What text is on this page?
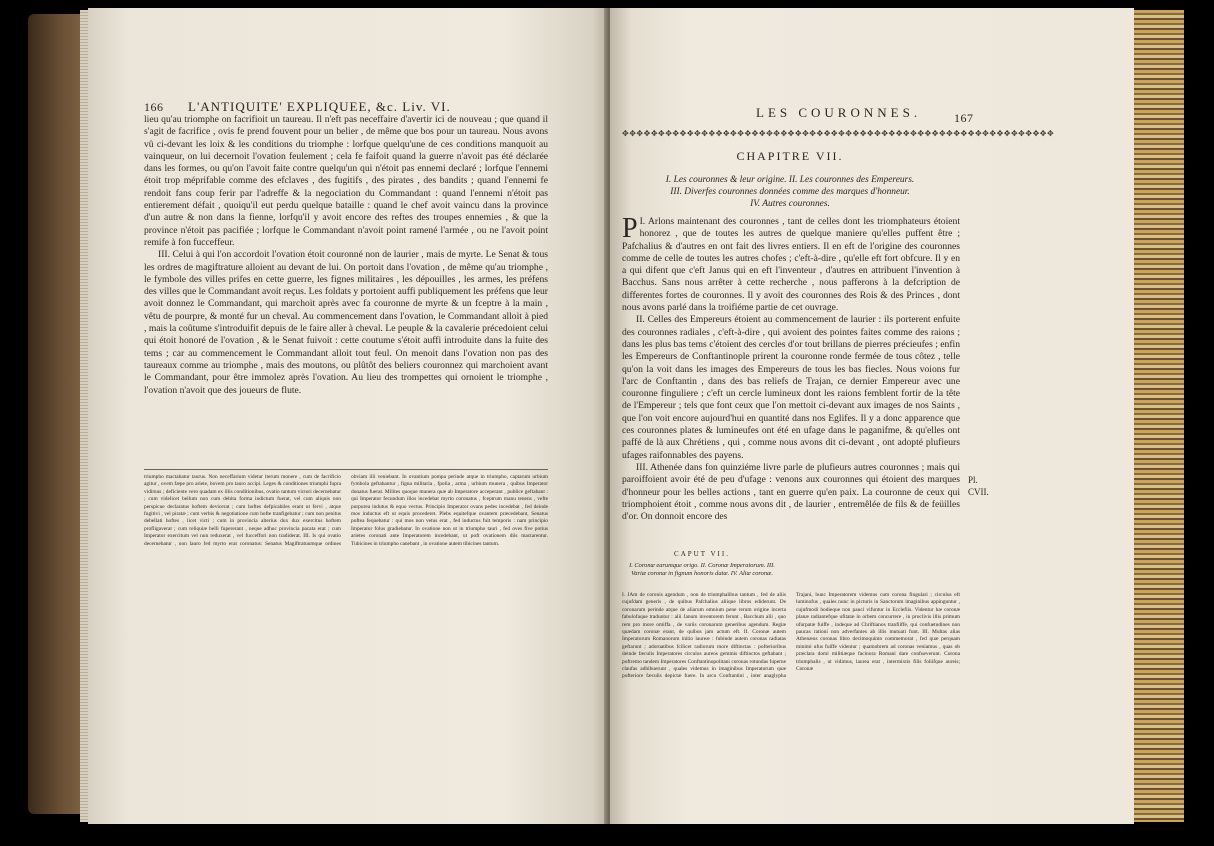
166 L'ANTIQUITE' EXPLIQUEE, &c. Liv. VI.

lieu qu'au triomphe on facrifioit un taureau. Il n'eft pas neceffaire d'avertir ici de nouveau ; que quand il s'agit de facrifice , ovis fe prend fouvent pour un belier , de même que bos pour un taureau. Nous avons vû ci-devant les loix & les conditions du triomphe : lorfque quelqu'une de ces conditions manquoit au vainqueur, on lui decernoit l'ovation feulement ; cela fe faifoit quand la guerre n'avoit pas été déclarée dans les formes, ou qu'on l'avoit faite contre quelqu'un qui n'étoit pas ennemi declaré ; lorfque l'ennemi étoit trop méprifable comme des efclaves , des fugitifs , des pirates , des bandits ; quand l'ennemi fe rendoit fans coup ferir par l'adreffe & la negociation du Commandant : quand l'ennemi n'étoit pas entierement défait , quoiqu'il eut perdu quelque bataille : quand le chef avoit vaincu dans la province d'un autre & non dans la fienne, lorfqu'il y avoit encore des reftes des troupes ennemies , & que la province n'étoit pas pacifiée ; lorfque le Commandant n'avoit point ramené l'armée , ou ne l'avoit point remife à fon fucceffeur.

III. Celui à qui l'on accordoit l'ovation étoit couronné non de laurier , mais de myrte. Le Senat & tous les ordres de magiftrature alloient au devant de lui. On portoit dans l'ovation , de même qu'au triomphe , le fymbole des villes prifes en cette guerre, les fignes militaires , les dépouilles , les armes, les préfens des villes que le Commandant avoit reçus. Les foldats y portoient auffi publiquement les préfens que leur avoit donnez le Commandant, qui marchoit après avec fa couronne de myrte & un fceptre à la main , vêtu de pourpre, & monté fur un cheval. Au commencement dans l'ovation, le Commandant alloit à pied , mais la coûtume s'introduifit depuis de le faire aller à cheval. Le peuple & la cavalerie précedoient celui qui étoit honoré de l'ovation , & le Senat fuivoit : cette coutume s'étoit auffi introduite dans la fuite des tems ; car au commencement le Commandant alloit tout feul. On menoit dans l'ovation non pas des taureaux comme au triomphe , mais des moutons, ou plûtôt des beliers couronnez qui marchoient avant le Commandant, pour être immolez après l'ovation. Au lieu des trompettes qui ornoient le triomphe , l'ovation n'avoit que des joueurs de flute.

triumpho mactabatur taurus. Non neceffarium videtur iterum monere , cum de facrificio agitur , ovem fæpe pro ariete, bovem pro tauro accipi. Leges & conditiones triumphi fupra vidimus ; deficiente vero quadam ex illis conditionibus, ovatio tantum victori decernebatur ; cum videlicet bellum non cum debita forma indictum fuerat, vel cum aliquis non perspicue declaratus hoftem devicerat ; cum hoftes defpicabiles erant ut fervi , atque fugitivi , vel piratæ ; cum verbis & negotiatione cum hofte tranfigebatur ; cum non penitus debellati hoftes , licet victi ; cum in provincia alterius dux dux exercitus hoftem profligaverat ; cum reliquiæ belli fupererant , neque adhuc provincia pacata erat ; cum Imperator exercitum vel non reduxerat , vel fucceffori non tradiderat. III. Is qui ovatio decernebatur , non lauro fed myrto erat coronatus: Senatus Magiftratuumque ordines obviam illi veniebant. In ovantium pompa perinde atque in triumpho, captarum urbium fymbola geftabantur , figna militaria , fpolia , arma , urbium munera , quibus Imperator donatus fuerat. Milites quoque munera quæ ab Imperatore acceperant , publice geftabant : qui Imperator fecundum illos incedebat myrto coronatus , fceptrum manu tenens , vefte purpurea indutus & equo vectus. Principio Imperator ovans pedes incedebat , fed deinde mos inductus eft ut equis procederet. Plebs equitefque ovantem præcedebant, Senatus poftea fequebatur : qui mos non vetus erat , fed inductus fuit temporis : nam principio Imperator folus gradiebatur. In ovatione non ut in triumpho tauri , fed oves five potius arietes coronati ante Imperatorem incedebant, ut poft ovationem diis mactarentur. Tubicines in triumpho canebant , in ovatione autem tibicines tantum.

LES COURONNES.	167
✥✥✥✥✥✥✥✥✥✥✥✥✥✥✥✥✥✥✥✥✥✥✥✥✥✥✥✥✥✥✥✥✥✥✥✥✥✥✥✥✥✥✥✥✥✥✥✥✥✥✥✥✥✥✥✥✥✥✥✥
CHAPITRE VII.
I. Les couronnes & leur origine. II. Les couronnes des Empereurs.
III. Diverfes couronnes données comme des marques d'honneur.
IV. Autres couronnes.
P I. Arlons maintenant des couronnes , tant de celles dont les triomphateurs étoient honorez , que de toutes les autres de quelque maniere qu'elles puffent être ; Pafchalius & d'autres en ont fait des livres entiers. Il en eft de l'origine des couronnes comme de celle de toutes les autres chofes ; c'eft-à-dire , qu'elle eft fort obfcure. Il y en a qui difent que c'eft Janus qui en eft l'inventeur , d'autres en attribuent l'invention à Bacchus. Sans nous arrêter à cette recherche , nous pafferons à la defcription de differentes fortes de couronnes. Il y avoit des couronnes des Rois & des Princes , dont nous avons parlé dans la troifiéme partie de cet ouvrage.

II. Celles des Empereurs étoient au commencement de laurier : ils porterent enfuite des couronnes radiales , c'eft-à-dire , qui avoient des pointes faites comme des raions ; dans les plus bas tems c'étoient des cercles d'or tout brillans de pierres précieufes ; enfin les Empereurs de Conftantinople prirent la couronne ronde fermée de tous côtez , telle qu'on la voit dans les images des Empereurs de tous les bas fiecles. Nous voions fur l'arc de Conftantin , dans des bas reliefs de Trajan, ce dernier Empereur avec une couronne finguliere ; c'eft un cercle lumineux dont les raions femblent fortir de la tête de l'Empereur ; tels que font ceux que l'on mettoit ci-devant aux images de nos Saints , que l'on voit encore aujourd'hui en quantité dans nos Eglifes. Il y a donc apparence que ces couronnes plates & lumineufes ont été en ufage dans le paganifme, & qu'elles ont paffé de là aux Chrétiens , qui , comme nous avons dit ci-devant , ont adopté plufieurs ufages raifonnables des payens.

III. Athenée dans fon quinziéme livre parle de plufieurs autres couronnes ; mais qui paroiffoient avoir été de peu d'ufage : venons aux couronnes qui étoient des marques d'honneur pour les belles actions , tant en guerre qu'en paix. La couronne de ceux qui triomphoient étoit , comme nous avons dit , de laurier , entremêlée de fils & de feüilles d'or. On donnoit encore des

Pl. CVII.
CAPUT VII.
I. Coronæ earumque origo. II. Coronæ Imperatorum. III. Variæ coronæ in fignum honoris datæ. IV. Aliæ coronæ.

I. JAm de coronis agendum , non de triumphalibus tantum , fed de aliis cujufdam generis , de quibus Pafchalius aliique libros ediderunt. De coronarum perinde atque de aliarum omnium pene rerum origine incerta fabulofaque traduntur : alii Janum inventorem ferunt , Bacchum alii , quo rem pro more omiffa , de variis coronarum generibus agendum. Regiæ quædam coronæ erant, de quibus jam actum eft. II. Coronæ autem Imperatorum Romanorum initio laureæ : fubinde autem coronas radiatas geftarunt ; adornatibus fcilicet radiorum more diftinctas : pofterioribus deinde fæculis Imperatores circulos aureos gemmis diftinctos geftabant ; poftremo tandem Imperatores Conftantinopolitani coronas rotundas fuperne claufas adhibuerunt , quales videmus in imaginibus Imperatorum quæ pofteriore fæculis depictæ fuere. In arcu Conftantini , inter anaglypha Trajani, hunc Imperatorem videmus cum corona fingulari ; circulus eft luminofus , quales nunc in picturis in Sanctorum imaginibus appinguntur , cujufmodi hodieque non pauci vifuntur in Ecclefiis. Videntur hæ coronæ planæ radiantefque ufitatæ in orbem concurrere , in proclivis illis primum ufurpatæ fuiffe , indeque ad Chriftianos tranfiiffe, qui confuetudines non paucas rationi non adverfantes ab illis mutuati funt. III. Multas alias Athenæus coronas libro decimoquinto commemorat , fed quæ perquam minimi ufus fuiffe videntur ; quamobrem ad coronas veniamus , quas ob præclara domi militiæque facinora Romani dare confueverunt. Corona triumphalis , ut vidimus, laurea erat , intermixtis filis foliifque aureis; Coronæ
